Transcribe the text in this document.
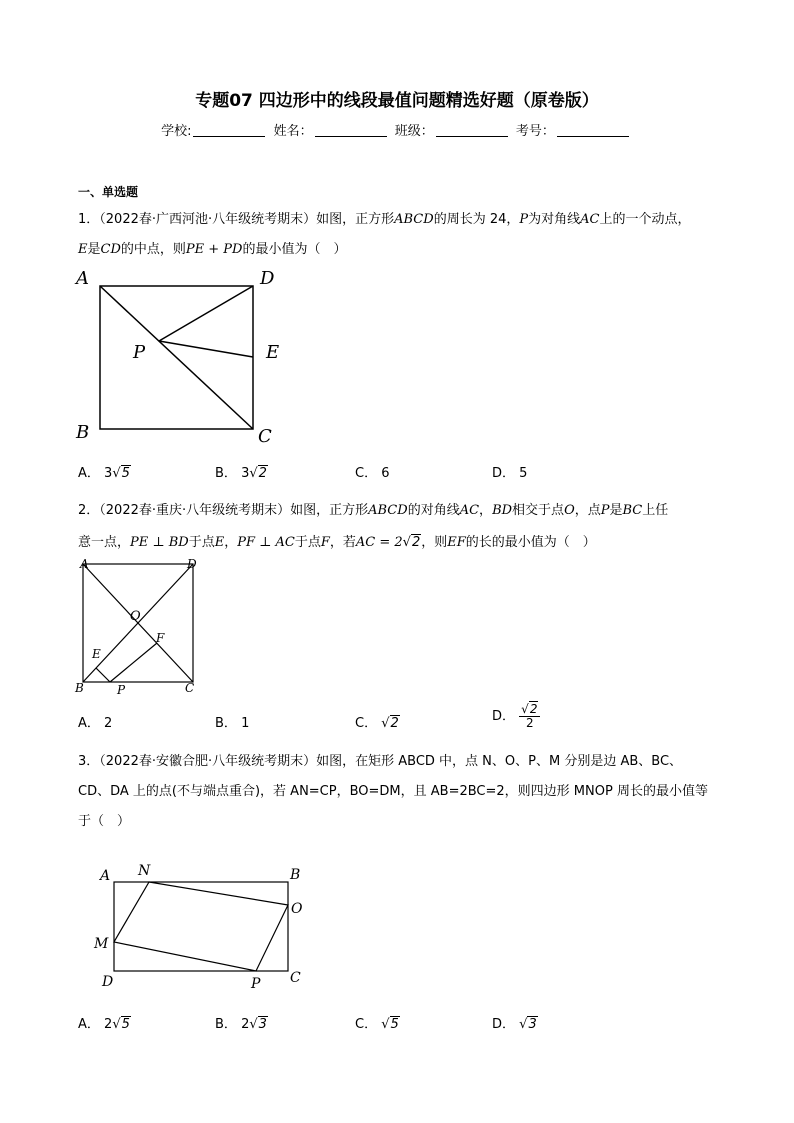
专题07 四边形中的线段最值问题精选好题（原卷版）
学校:	姓名：	班级：	考号：
一、单选题
1．（2022春·广西河池·八年级统考期末）如图，正方形ABCD的周长为 24，P为对角线AC上的一个动点，
E是CD的中点，则PE + PD的最小值为（　）
A	D
B	C
E
P
A． 3√5	B． 3√2	C． 6	D． 5
2．（2022春·重庆·八年级统考期末）如图，正方形ABCD的对角线AC，BD相交于点O，点P是BC上任
意一点，PE ⊥ BD于点E，PF ⊥ AC于点F，若AC = 2√2，则EF的长的最小值为（　）
A	D
B	C
O
F
E
P
A． 2	B． 1	C． √2	D． $\frac{√2}{2}$
3．（2022春·安徽合肥·八年级统考期末）如图，在矩形 ABCD 中，点 N、O、P、M 分别是边 AB、BC、
CD、DA 上的点(不与端点重合)，若 AN=CP，BO=DM，且 AB=2BC=2，则四边形 MNOP 周长的最小值等
于（　）
A N	B
O
M
C
D	P
A． 2√5	B． 2√3	C． √5	D． √3
